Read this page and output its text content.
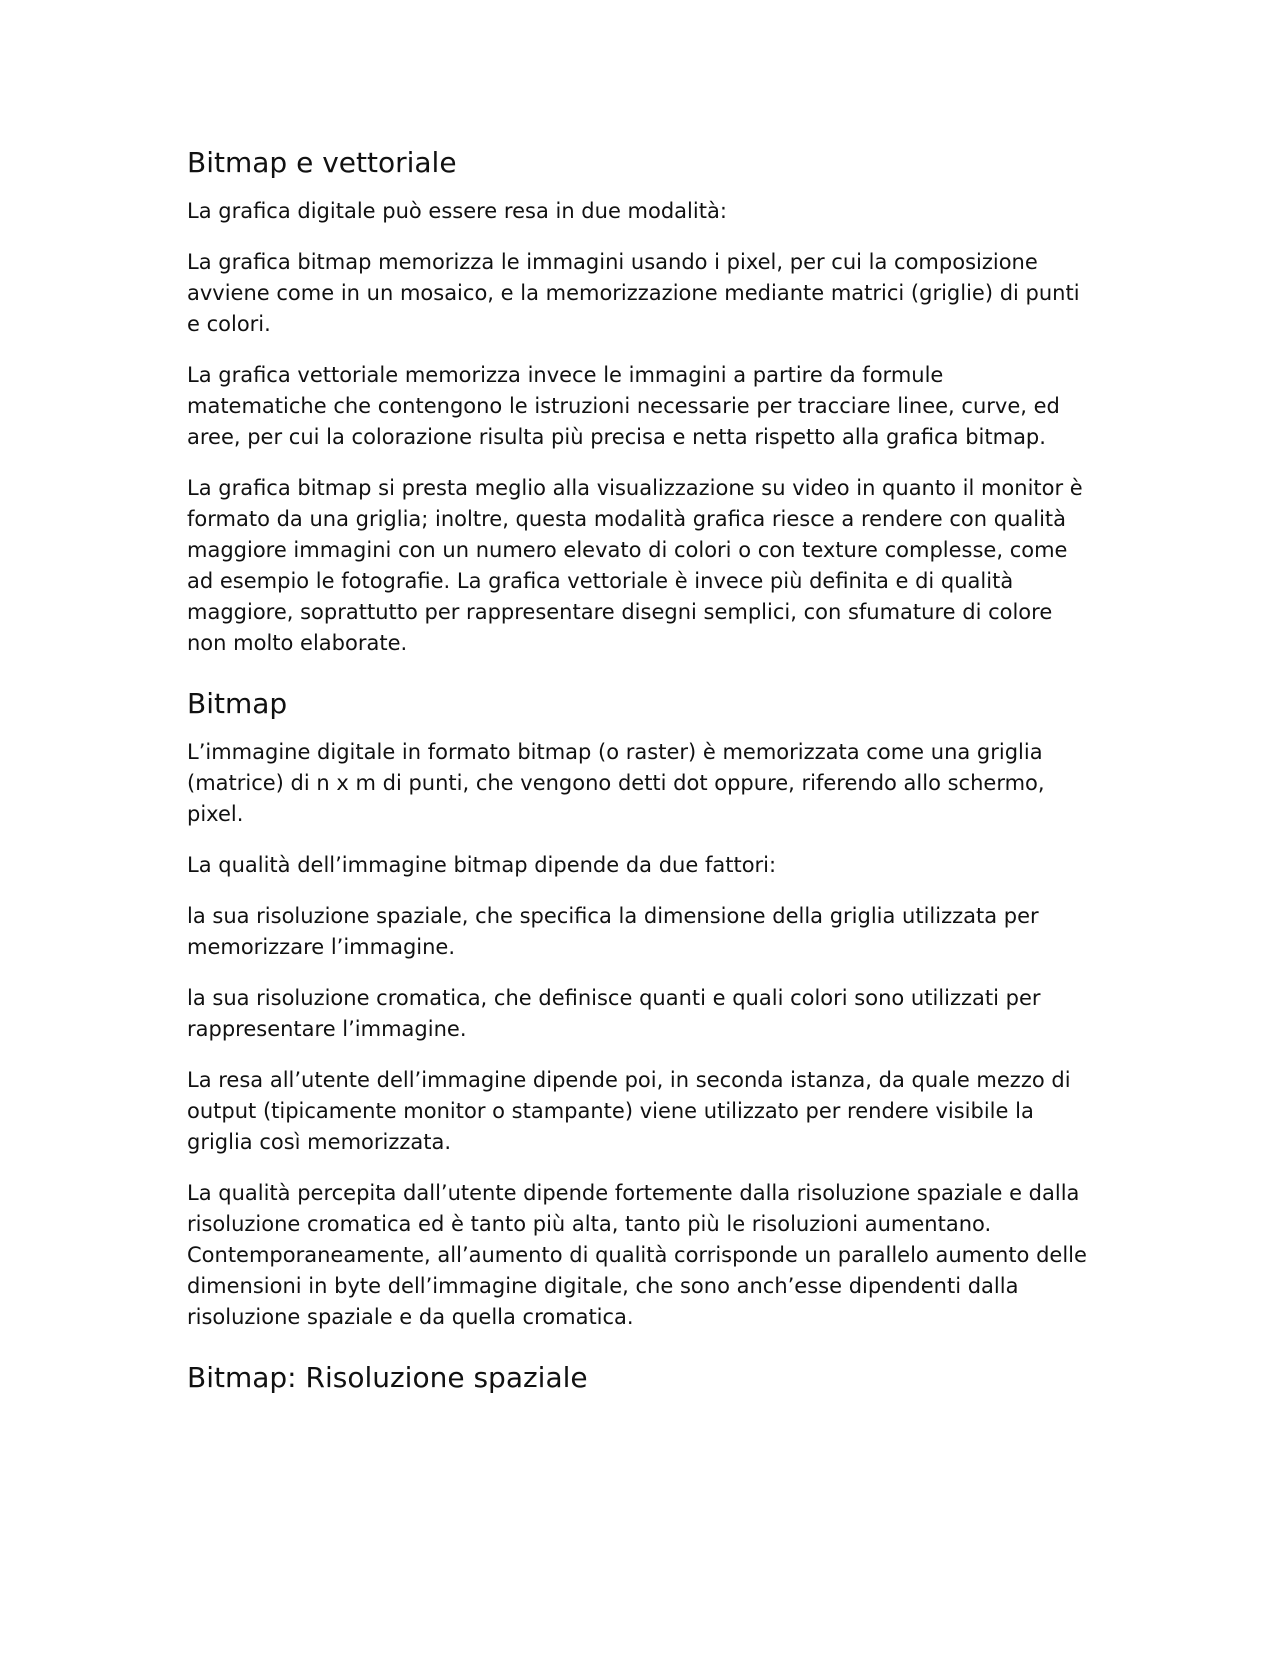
Bitmap e vettoriale

La grafica digitale può essere resa in due modalità:

La grafica bitmap memorizza le immagini usando i pixel, per cui la composizione avviene come in un mosaico, e la memorizzazione mediante matrici (griglie) di punti e colori.

La grafica vettoriale memorizza invece le immagini a partire da formule matematiche che contengono le istruzioni necessarie per tracciare linee, curve, ed aree, per cui la colorazione risulta più precisa e netta rispetto alla grafica bitmap.

La grafica bitmap si presta meglio alla visualizzazione su video in quanto il monitor è formato da una griglia; inoltre, questa modalità grafica riesce a rendere con qualità maggiore immagini con un numero elevato di colori o con texture complesse, come ad esempio le fotografie. La grafica vettoriale è invece più definita e di qualità maggiore, soprattutto per rappresentare disegni semplici, con sfumature di colore non molto elaborate.

Bitmap

L’immagine digitale in formato bitmap (o raster) è memorizzata come una griglia (matrice) di n x m di punti, che vengono detti dot oppure, riferendo allo schermo, pixel.

La qualità dell’immagine bitmap dipende da due fattori:

la sua risoluzione spaziale, che specifica la dimensione della griglia utilizzata per memorizzare l’immagine.

la sua risoluzione cromatica, che definisce quanti e quali colori sono utilizzati per rappresentare l’immagine.

La resa all’utente dell’immagine dipende poi, in seconda istanza, da quale mezzo di output (tipicamente monitor o stampante) viene utilizzato per rendere visibile la griglia così memorizzata.

La qualità percepita dall’utente dipende fortemente dalla risoluzione spaziale e dalla risoluzione cromatica ed è tanto più alta, tanto più le risoluzioni aumentano. Contemporaneamente, all’aumento di qualità corrisponde un parallelo aumento delle dimensioni in byte dell’immagine digitale, che sono anch’esse dipendenti dalla risoluzione spaziale e da quella cromatica.

Bitmap: Risoluzione spaziale
